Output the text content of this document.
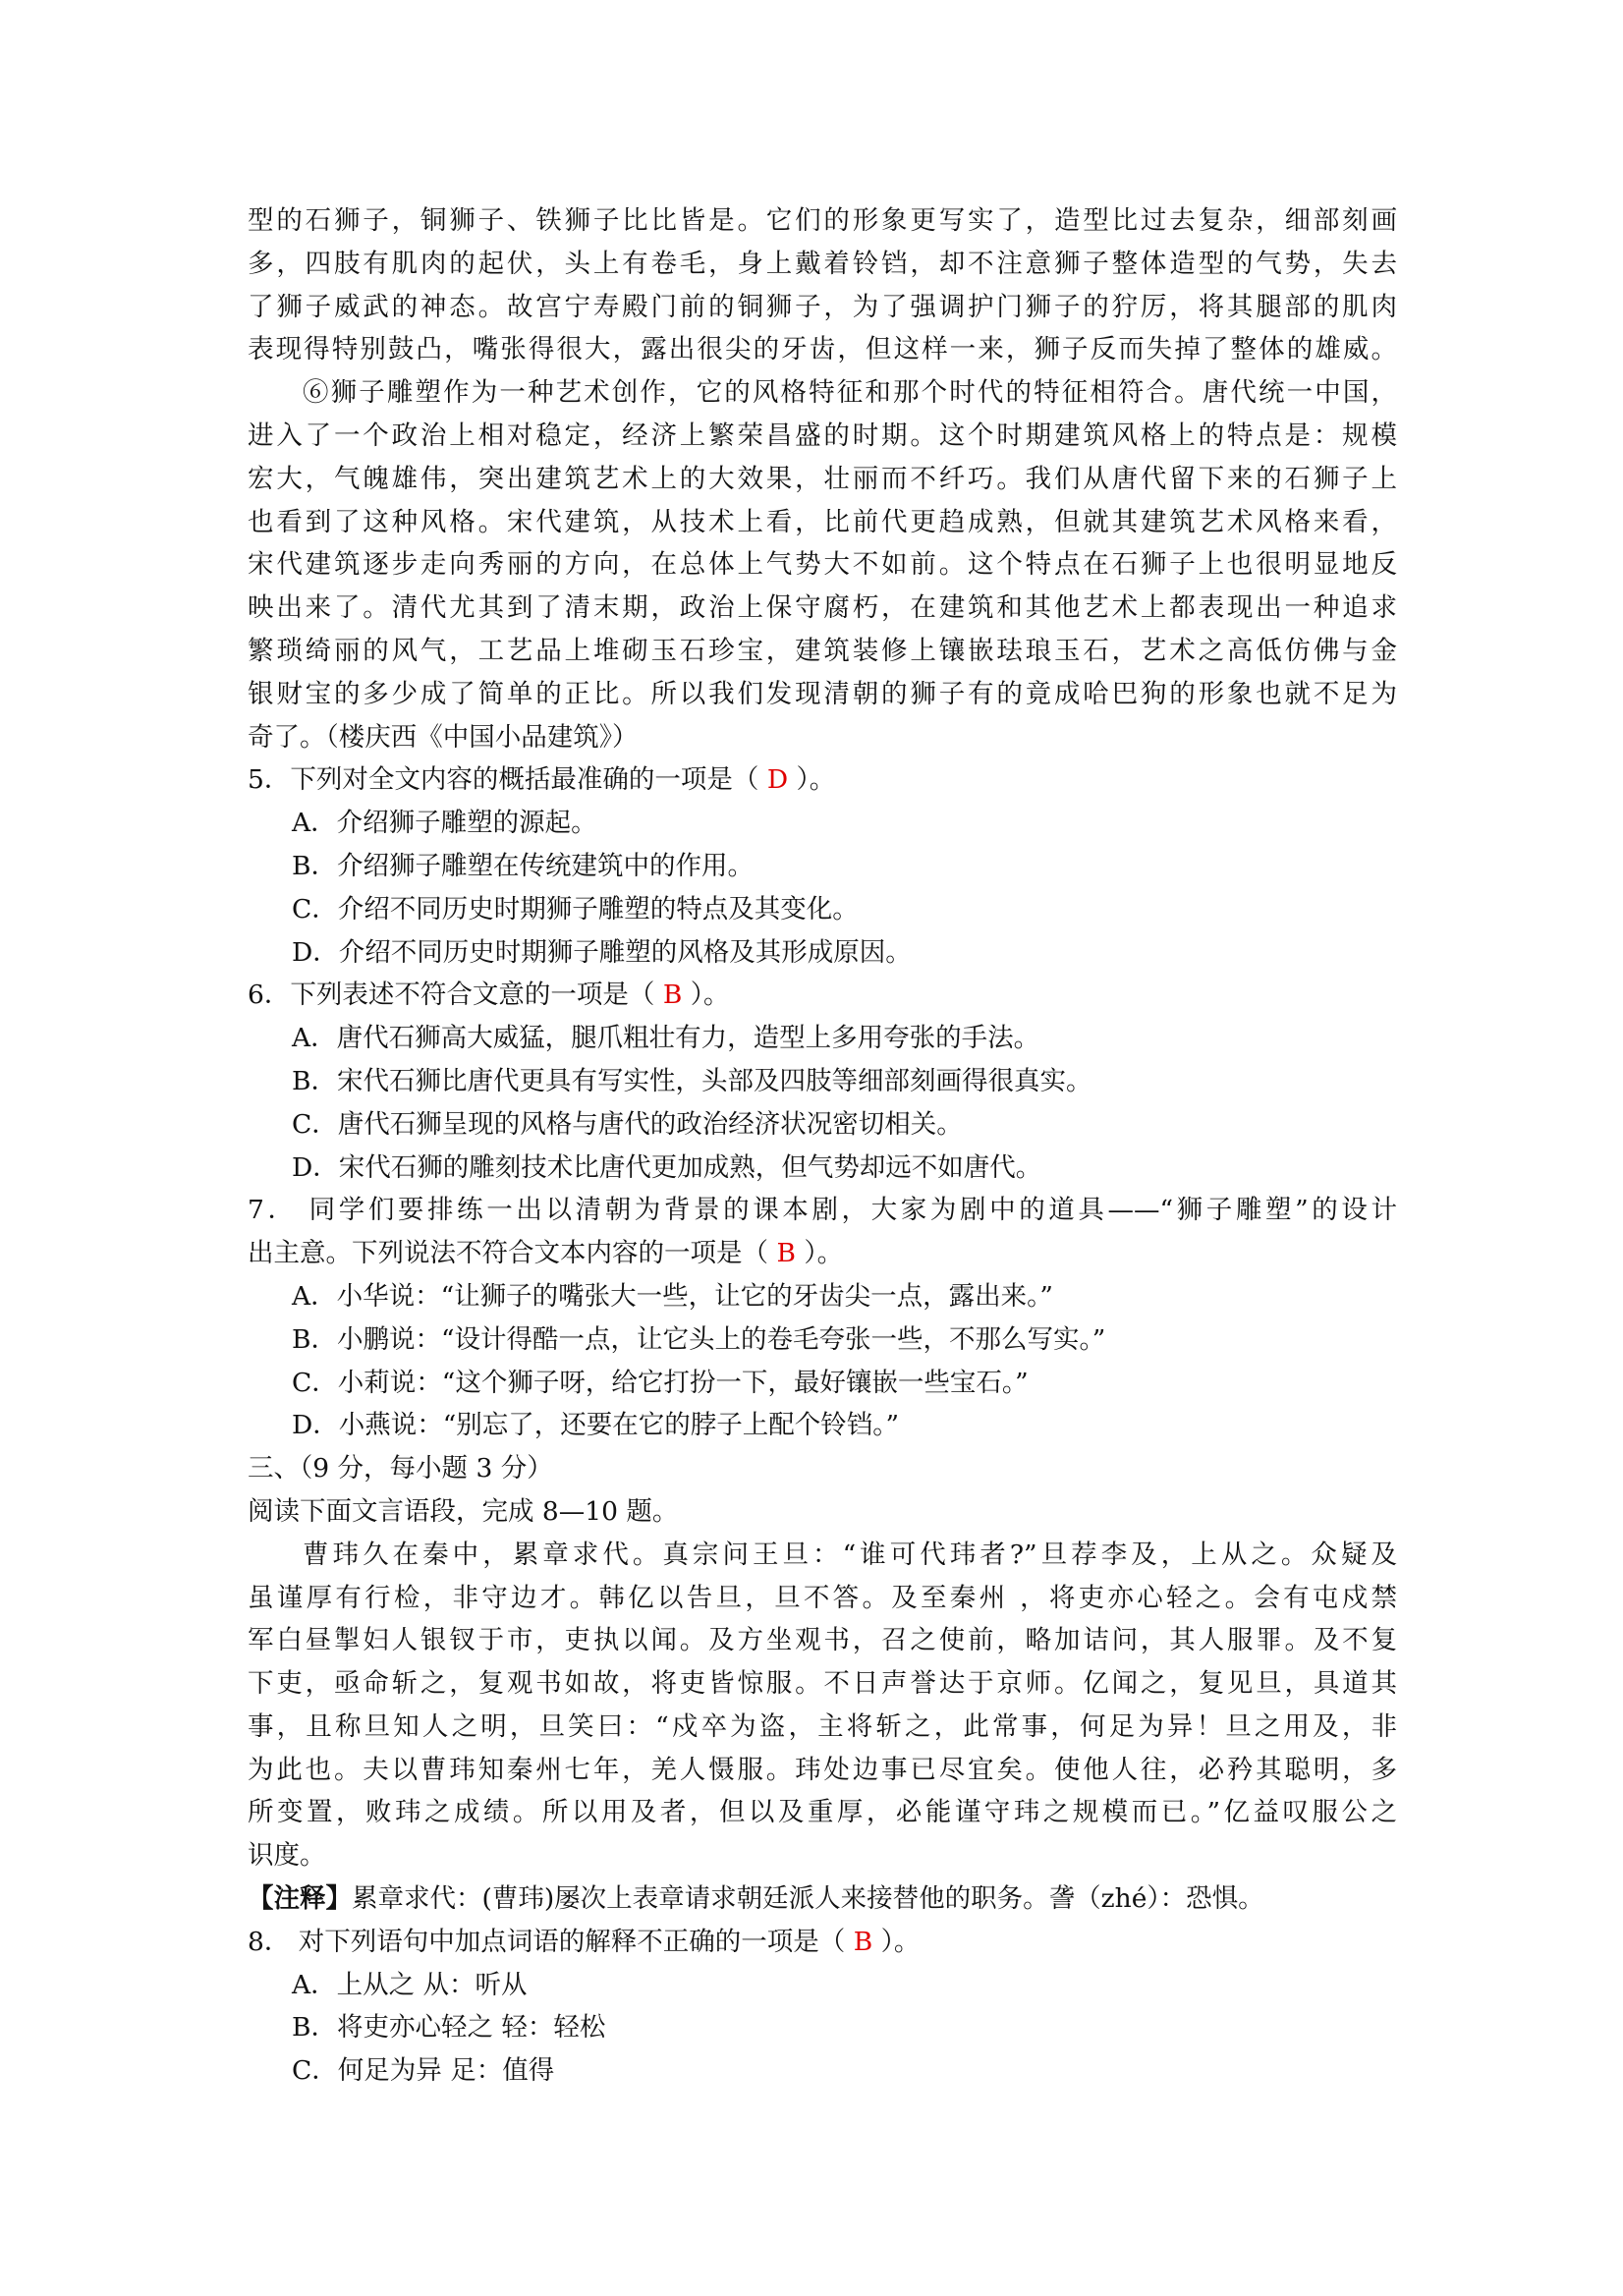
型的石狮子，铜狮子、铁狮子比比皆是。它们的形象更写实了，造型比过去复杂，细部刻画
多，四肢有肌肉的起伏，头上有卷毛，身上戴着铃铛，却不注意狮子整体造型的气势，失去
了狮子威武的神态。故宫宁寿殿门前的铜狮子，为了强调护门狮子的狞厉，将其腿部的肌肉
表现得特别鼓凸，嘴张得很大，露出很尖的牙齿，但这样一来，狮子反而失掉了整体的雄威。
⑥狮子雕塑作为一种艺术创作，它的风格特征和那个时代的特征相符合。唐代统一中国，
进入了一个政治上相对稳定，经济上繁荣昌盛的时期。这个时期建筑风格上的特点是：规模
宏大，气魄雄伟，突出建筑艺术上的大效果，壮丽而不纤巧。我们从唐代留下来的石狮子上
也看到了这种风格。宋代建筑，从技术上看，比前代更趋成熟，但就其建筑艺术风格来看，
宋代建筑逐步走向秀丽的方向，在总体上气势大不如前。这个特点在石狮子上也很明显地反
映出来了。清代尤其到了清末期，政治上保守腐朽，在建筑和其他艺术上都表现出一种追求
繁琐绮丽的风气，工艺品上堆砌玉石珍宝，建筑装修上镶嵌珐琅玉石，艺术之高低仿佛与金
银财宝的多少成了简单的正比。所以我们发现清朝的狮子有的竟成哈巴狗的形象也就不足为
奇了。（楼庆西《中国小品建筑》）
5．下列对全文内容的概括最准确的一项是（ D ）。
A．介绍狮子雕塑的源起。
B．介绍狮子雕塑在传统建筑中的作用。
C．介绍不同历史时期狮子雕塑的特点及其变化。
D．介绍不同历史时期狮子雕塑的风格及其形成原因。
6．下列表述不符合文意的一项是（ B ）。
A．唐代石狮高大威猛，腿爪粗壮有力，造型上多用夸张的手法。
B．宋代石狮比唐代更具有写实性，头部及四肢等细部刻画得很真实。
C．唐代石狮呈现的风格与唐代的政治经济状况密切相关。
D．宋代石狮的雕刻技术比唐代更加成熟，但气势却远不如唐代。
7． 同学们要排练一出以清朝为背景的课本剧，大家为剧中的道具——“狮子雕塑”的设计
出主意。下列说法不符合文本内容的一项是（ B ）。
A．小华说：“让狮子的嘴张大一些，让它的牙齿尖一点，露出来。”
B．小鹏说：“设计得酷一点，让它头上的卷毛夸张一些，不那么写实。”
C．小莉说：“这个狮子呀，给它打扮一下，最好镶嵌一些宝石。”
D．小燕说：“别忘了，还要在它的脖子上配个铃铛。”
三、（9 分，每小题 3 分）
阅读下面文言语段，完成 8—10 题。
曹玮久在秦中，累章求代。真宗问王旦：“谁可代玮者?”旦荐李及，上从之。众疑及
虽谨厚有行检，非守边才。韩亿以告旦，旦不答。及至秦州 ，将吏亦心轻之。会有屯戍禁
军白昼掣妇人银钗于市，吏执以闻。及方坐观书，召之使前，略加诘问，其人服罪。及不复
下吏，亟命斩之，复观书如故，将吏皆惊服。不日声誉达于京师。亿闻之，复见旦，具道其
事，且称旦知人之明，旦笑曰：“戍卒为盗，主将斩之，此常事，何足为异！旦之用及，非
为此也。夫以曹玮知秦州七年，羌人慑服。玮处边事已尽宜矣。使他人往，必矜其聪明，多
所变置，败玮之成绩。所以用及者，但以及重厚，必能谨守玮之规模而已。”亿益叹服公之
识度。
【注释】累章求代：(曹玮)屡次上表章请求朝廷派人来接替他的职务。詟（zhé）：恐惧。
8． 对下列语句中加点词语的解释不正确的一项是（ B ）。
A．上从之 从：听从
B．将吏亦心轻之 轻：轻松
C．何足为异 足：值得
